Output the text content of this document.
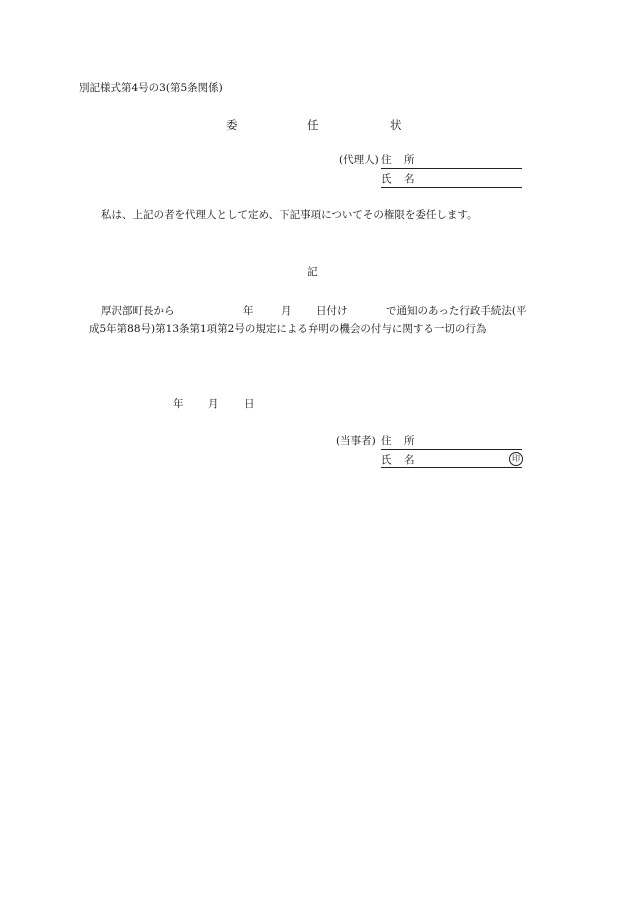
別記様式第4号の3(第5条関係)
委	任	状
(代理人) 住 所
氏 名
私は、上記の者を代理人として定め、下記事項についてその権限を委任します。
記
厚沢部町長から	年	月 日付け	で通知のあった行政手続法(平
成5年第88号)第13条第1項第2号の規定による弁明の機会の付与に関する一切の行為
年 月 日
(当事者) 住 所
氏 名	印
